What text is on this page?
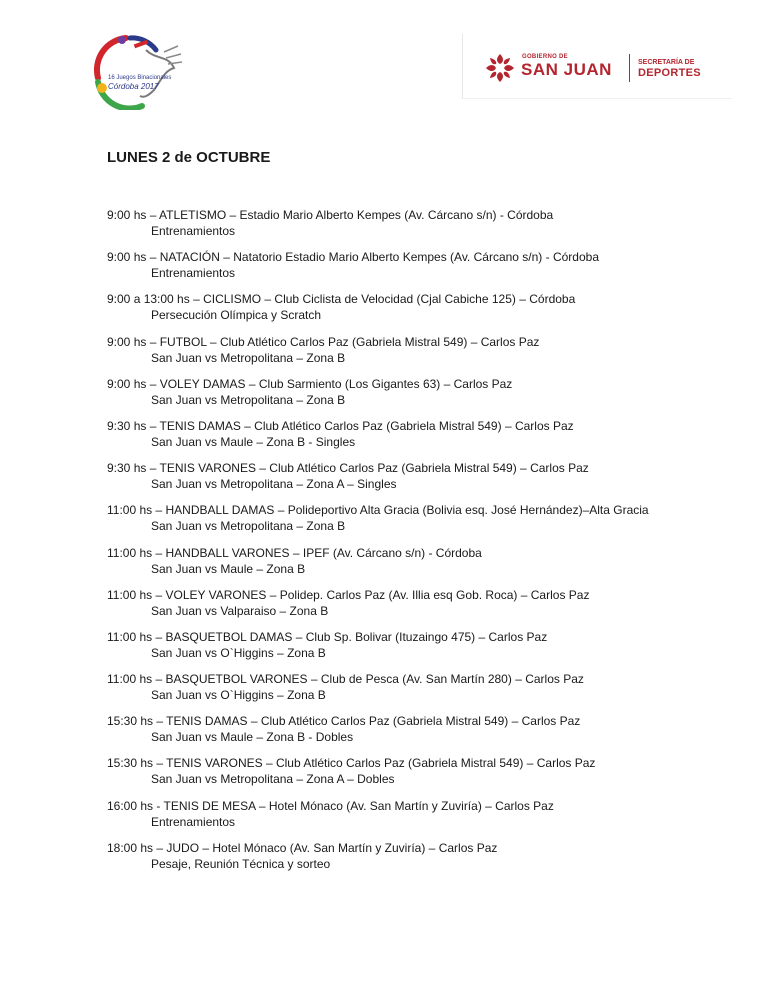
16 Juegos Binacionales
Córdoba 2017
GOBIERNO DE
SAN JUAN	SECRETARÍA DE
DEPORTES
LUNES 2 de OCTUBRE
9:00 hs – ATLETISMO – Estadio Mario Alberto Kempes (Av. Cárcano s/n) - Córdoba
Entrenamientos
9:00 hs – NATACIÓN – Natatorio Estadio Mario Alberto Kempes (Av. Cárcano s/n) - Córdoba
Entrenamientos
9:00 a 13:00 hs – CICLISMO – Club Ciclista de Velocidad (Cjal Cabiche 125) – Córdoba
Persecución Olímpica y Scratch
9:00 hs – FUTBOL – Club Atlético Carlos Paz (Gabriela Mistral 549) – Carlos Paz
San Juan vs Metropolitana – Zona B
9:00 hs – VOLEY DAMAS – Club Sarmiento (Los Gigantes 63) – Carlos Paz
San Juan vs Metropolitana – Zona B
9:30 hs – TENIS DAMAS – Club Atlético Carlos Paz (Gabriela Mistral 549) – Carlos Paz
San Juan vs Maule – Zona B - Singles
9:30 hs – TENIS VARONES – Club Atlético Carlos Paz (Gabriela Mistral 549) – Carlos Paz
San Juan vs Metropolitana – Zona A – Singles
11:00 hs – HANDBALL DAMAS – Polideportivo Alta Gracia (Bolivia esq. José Hernández)–Alta Gracia
San Juan vs Metropolitana – Zona B
11:00 hs – HANDBALL VARONES – IPEF (Av. Cárcano s/n) - Córdoba
San Juan vs Maule – Zona B
11:00 hs – VOLEY VARONES – Polidep. Carlos Paz (Av. Illia esq Gob. Roca) – Carlos Paz
San Juan vs Valparaiso – Zona B
11:00 hs – BASQUETBOL DAMAS – Club Sp. Bolivar (Ituzaingo 475) – Carlos Paz
San Juan vs O`Higgins – Zona B
11:00 hs – BASQUETBOL VARONES – Club de Pesca (Av. San Martín 280) – Carlos Paz
San Juan vs O`Higgins – Zona B
15:30 hs – TENIS DAMAS – Club Atlético Carlos Paz (Gabriela Mistral 549) – Carlos Paz
San Juan vs Maule – Zona B - Dobles
15:30 hs – TENIS VARONES – Club Atlético Carlos Paz (Gabriela Mistral 549) – Carlos Paz
San Juan vs Metropolitana – Zona A – Dobles
16:00 hs - TENIS DE MESA – Hotel Mónaco (Av. San Martín y Zuviría) – Carlos Paz
Entrenamientos
18:00 hs – JUDO – Hotel Mónaco (Av. San Martín y Zuviría) – Carlos Paz
Pesaje, Reunión Técnica y sorteo
